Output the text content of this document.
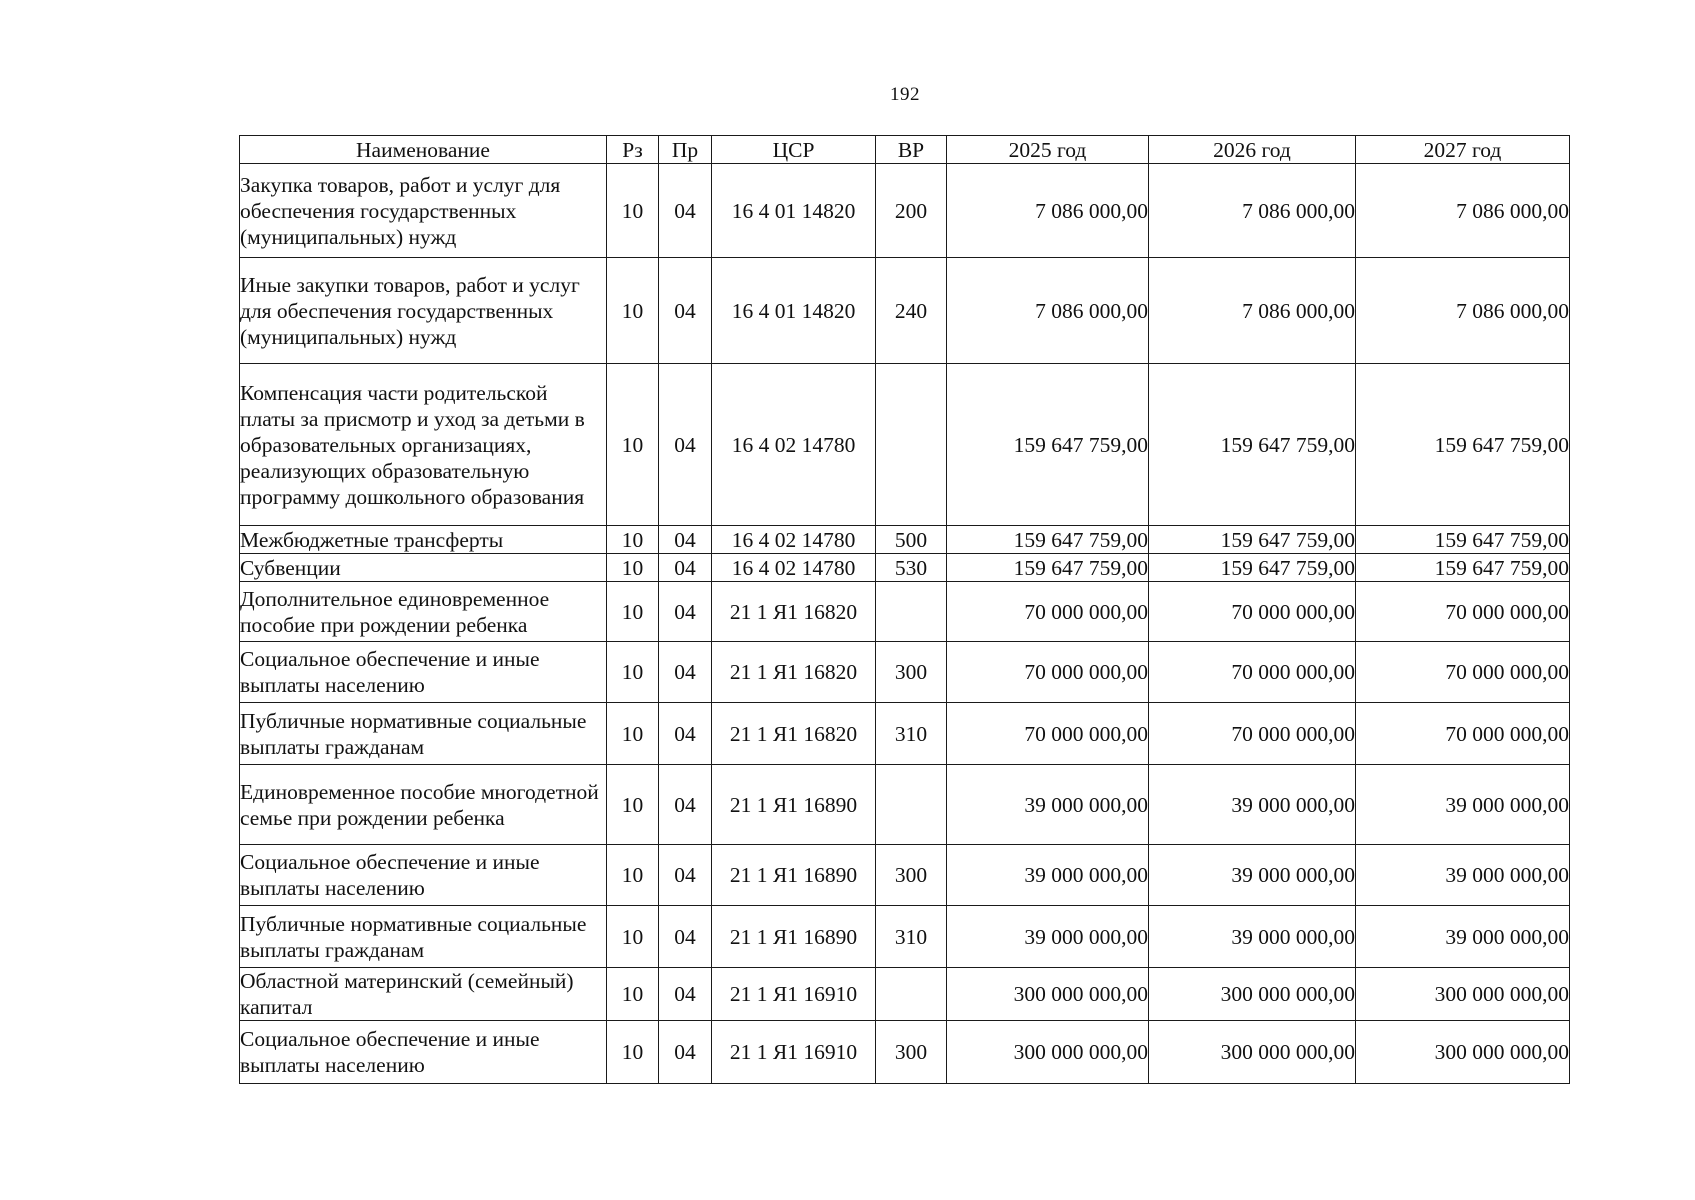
192
Наименование	Рз	Пр	ЦСР	ВР	2025 год	2026 год	2027 год
Закупка товаров, работ и услуг для обеспечения государственных (муниципальных) нужд	10	04	16 4 01 14820	200	7 086 000,00	7 086 000,00	7 086 000,00
Иные закупки товаров, работ и услуг для обеспечения государственных (муниципальных) нужд	10	04	16 4 01 14820	240	7 086 000,00	7 086 000,00	7 086 000,00
Компенсация части родительской платы за присмотр и уход за детьми в образовательных организациях, реализующих образовательную программу дошкольного образования	10	04	16 4 02 14780		159 647 759,00	159 647 759,00	159 647 759,00
Межбюджетные трансферты	10	04	16 4 02 14780	500	159 647 759,00	159 647 759,00	159 647 759,00
Субвенции	10	04	16 4 02 14780	530	159 647 759,00	159 647 759,00	159 647 759,00
Дополнительное единовременное пособие при рождении ребенка	10	04	21 1 Я1 16820		70 000 000,00	70 000 000,00	70 000 000,00
Социальное обеспечение и иные выплаты населению	10	04	21 1 Я1 16820	300	70 000 000,00	70 000 000,00	70 000 000,00
Публичные нормативные социальные выплаты гражданам	10	04	21 1 Я1 16820	310	70 000 000,00	70 000 000,00	70 000 000,00
Единовременное пособие многодетной семье при рождении ребенка	10	04	21 1 Я1 16890		39 000 000,00	39 000 000,00	39 000 000,00
Социальное обеспечение и иные выплаты населению	10	04	21 1 Я1 16890	300	39 000 000,00	39 000 000,00	39 000 000,00
Публичные нормативные социальные выплаты гражданам	10	04	21 1 Я1 16890	310	39 000 000,00	39 000 000,00	39 000 000,00
Областной материнский (семейный) капитал	10	04	21 1 Я1 16910		300 000 000,00	300 000 000,00	300 000 000,00
Социальное обеспечение и иные выплаты населению	10	04	21 1 Я1 16910	300	300 000 000,00	300 000 000,00	300 000 000,00
